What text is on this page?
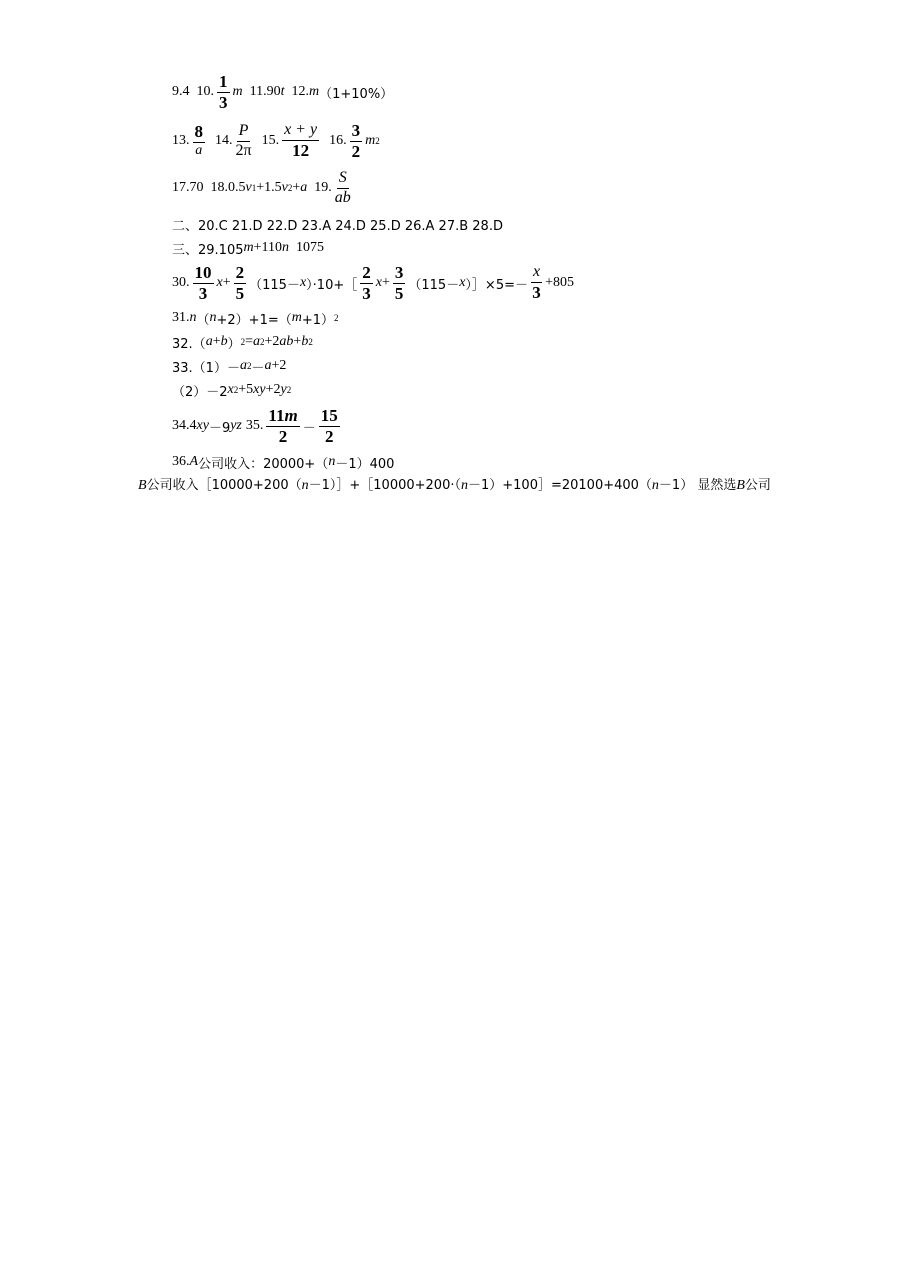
9.4 10. $\frac{1}{3}$ m 11.90 t 12. m （1+10%）
13. $\frac{8}{a} 14$. $\frac{P}{2\pi} 15$. $\frac{x + y}{12} 16$. $\frac{3}{2}$ m 2
17.70 18.0.5 v 1 +1.5 v 2 + a 19. $\frac{S}{ab}$
二、20.C 21.D 22.D 23.A 24.D 25.D 26.A 27.B 28.D
三、29.105 m +110 n 1075
30. $\frac{10}{3}$ $x + \frac{2}{5} (115- x$ ）·10+［ $\frac{2}{3}$ $x + \frac{3}{5} (115- x$ ）］×5=－ $\frac{x}{3} +805$
31. n （ n +2）+1=（ m +1） 2
32.（ a + b ） 2 = a 2 +2 ab + b 2
33.（1）－ a 2 － a +2
（2）－2 x 2 +5 xy +2 y 2
34.4 xy －9 yz 35. $\frac{11m}{2} - \frac{15}{2}$
36. A 公司收入：20000+（ n －1）400
B公司收入［10000+200（n－1）］+［10000+200·（n－1）+100］=20100+400（n－1） 显然选B公司
